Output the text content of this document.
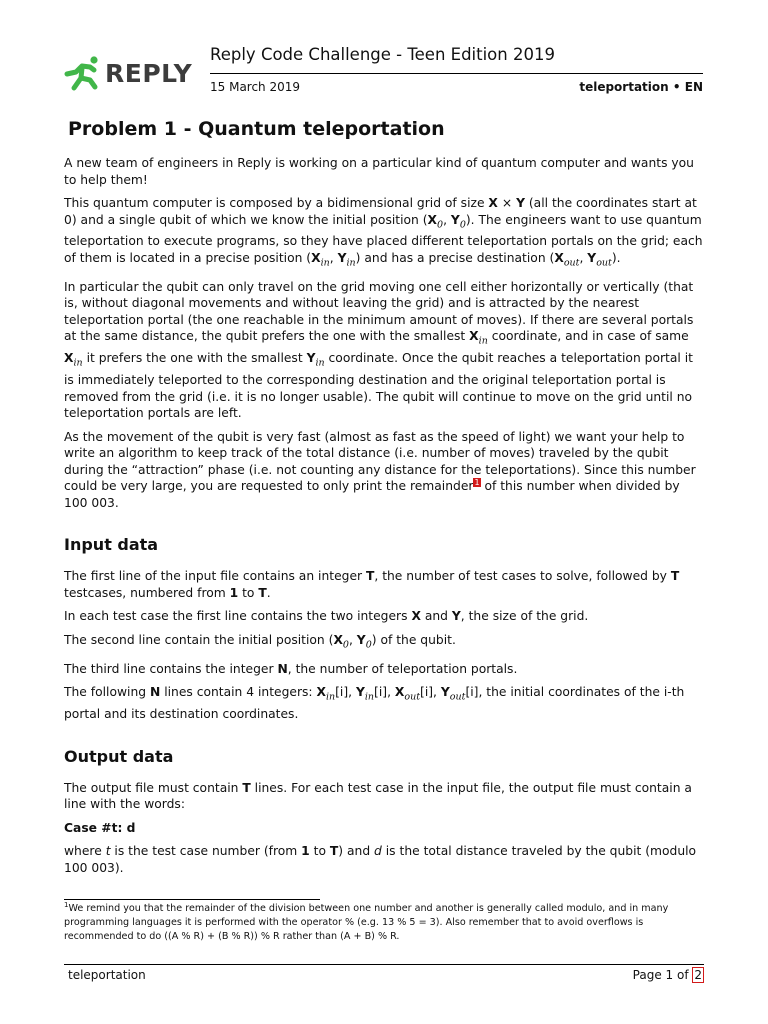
REPLY
Reply Code Challenge - Teen Edition 2019
15 March 2019	teleportation • EN
Problem 1 - Quantum teleportation

A new team of engineers in Reply is working on a particular kind of quantum computer and wants you to help them!

This quantum computer is composed by a bidimensional grid of size X × Y (all the coordinates start at 0) and a single qubit of which we know the initial position ($X_0$, $Y_0$). The engineers want to use quantum teleportation to execute programs, so they have placed different teleportation portals on the grid; each of them is located in a precise position ($X_{in}$, $Y_{in}$) and has a precise destination ($X_{out}$, $Y_{out}$).

In particular the qubit can only travel on the grid moving one cell either horizontally or vertically (that is, without diagonal movements and without leaving the grid) and is attracted by the nearest teleportation portal (the one reachable in the minimum amount of moves). If there are several portals at the same distance, the qubit prefers the one with the smallest $X_{in}$ coordinate, and in case of same $X_{in}$ it prefers the one with the smallest $Y_{in}$ coordinate. Once the qubit reaches a teleportation portal it is immediately teleported to the corresponding destination and the original teleportation portal is removed from the grid (i.e. it is no longer usable). The qubit will continue to move on the grid until no teleportation portals are left.

As the movement of the qubit is very fast (almost as fast as the speed of light) we want your help to write an algorithm to keep track of the total distance (i.e. number of moves) traveled by the qubit during the “attraction” phase (i.e. not counting any distance for the teleportations). Since this number could be very large, you are requested to only print the remainder$^1$ of this number when divided by 100 003.

Input data

The first line of the input file contains an integer T, the number of test cases to solve, followed by T testcases, numbered from 1 to T.

In each test case the first line contains the two integers X and Y, the size of the grid.

The second line contain the initial position ($X_0$, $Y_0$) of the qubit.

The third line contains the integer N, the number of teleportation portals.

The following N lines contain 4 integers: $X_{in}[i]$, $Y_{in}[i]$, $X_{out}[i]$, $Y_{out}[i]$, the initial coordinates of the i-th portal and its destination coordinates.

Output data

The output file must contain T lines. For each test case in the input file, the output file must contain a line with the words:

Case #t: d

where t is the test case number (from 1 to T) and d is the total distance traveled by the qubit (modulo 100 003).

$^1$We remind you that the remainder of the division between one number and another is generally called modulo, and in many programming languages it is performed with the operator % (e.g. 13 % 5 = 3). Also remember that to avoid overflows is recommended to do ((A % R) + (B % R)) % R rather than (A + B) % R.
teleportation	Page 1 of 2
